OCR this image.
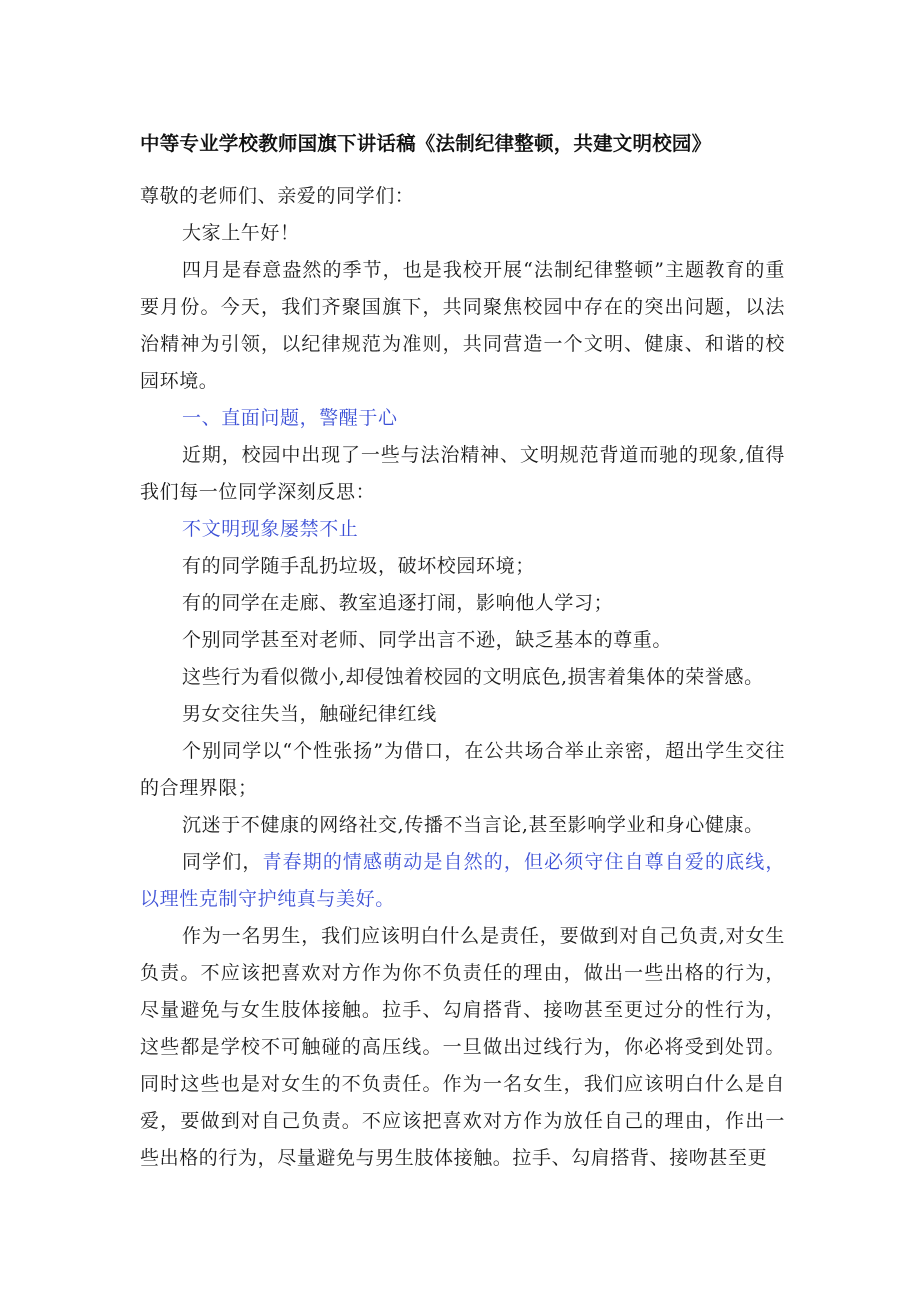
中等专业学校教师国旗下讲话稿《法制纪律整顿，共建文明校园》

尊敬的老师们、亲爱的同学们：

大家上午好！

四月是春意盎然的季节，也是我校开展“法制纪律整顿”主题教育的重要月份。今天，我们齐聚国旗下，共同聚焦校园中存在的突出问题，以法治精神为引领，以纪律规范为准则，共同营造一个文明、健康、和谐的校园环境。

一、直面问题，警醒于心

近期，校园中出现了一些与法治精神、文明规范背道而驰的现象,值得我们每一位同学深刻反思：

不文明现象屡禁不止

有的同学随手乱扔垃圾，破坏校园环境；

有的同学在走廊、教室追逐打闹，影响他人学习；

个别同学甚至对老师、同学出言不逊，缺乏基本的尊重。

这些行为看似微小,却侵蚀着校园的文明底色,损害着集体的荣誉感。

男女交往失当，触碰纪律红线

个别同学以“个性张扬”为借口，在公共场合举止亲密，超出学生交往的合理界限；

沉迷于不健康的网络社交,传播不当言论,甚至影响学业和身心健康。

同学们，青春期的情感萌动是自然的，但必须守住自尊自爱的底线，以理性克制守护纯真与美好。

作为一名男生，我们应该明白什么是责任，要做到对自己负责,对女生负责。不应该把喜欢对方作为你不负责任的理由，做出一些出格的行为，尽量避免与女生肢体接触。拉手、勾肩搭背、接吻甚至更过分的性行为，这些都是学校不可触碰的高压线。一旦做出过线行为，你必将受到处罚。同时这些也是对女生的不负责任。作为一名女生，我们应该明白什么是自爱，要做到对自己负责。不应该把喜欢对方作为放任自己的理由，作出一些出格的行为，尽量避免与男生肢体接触。拉手、勾肩搭背、接吻甚至更
